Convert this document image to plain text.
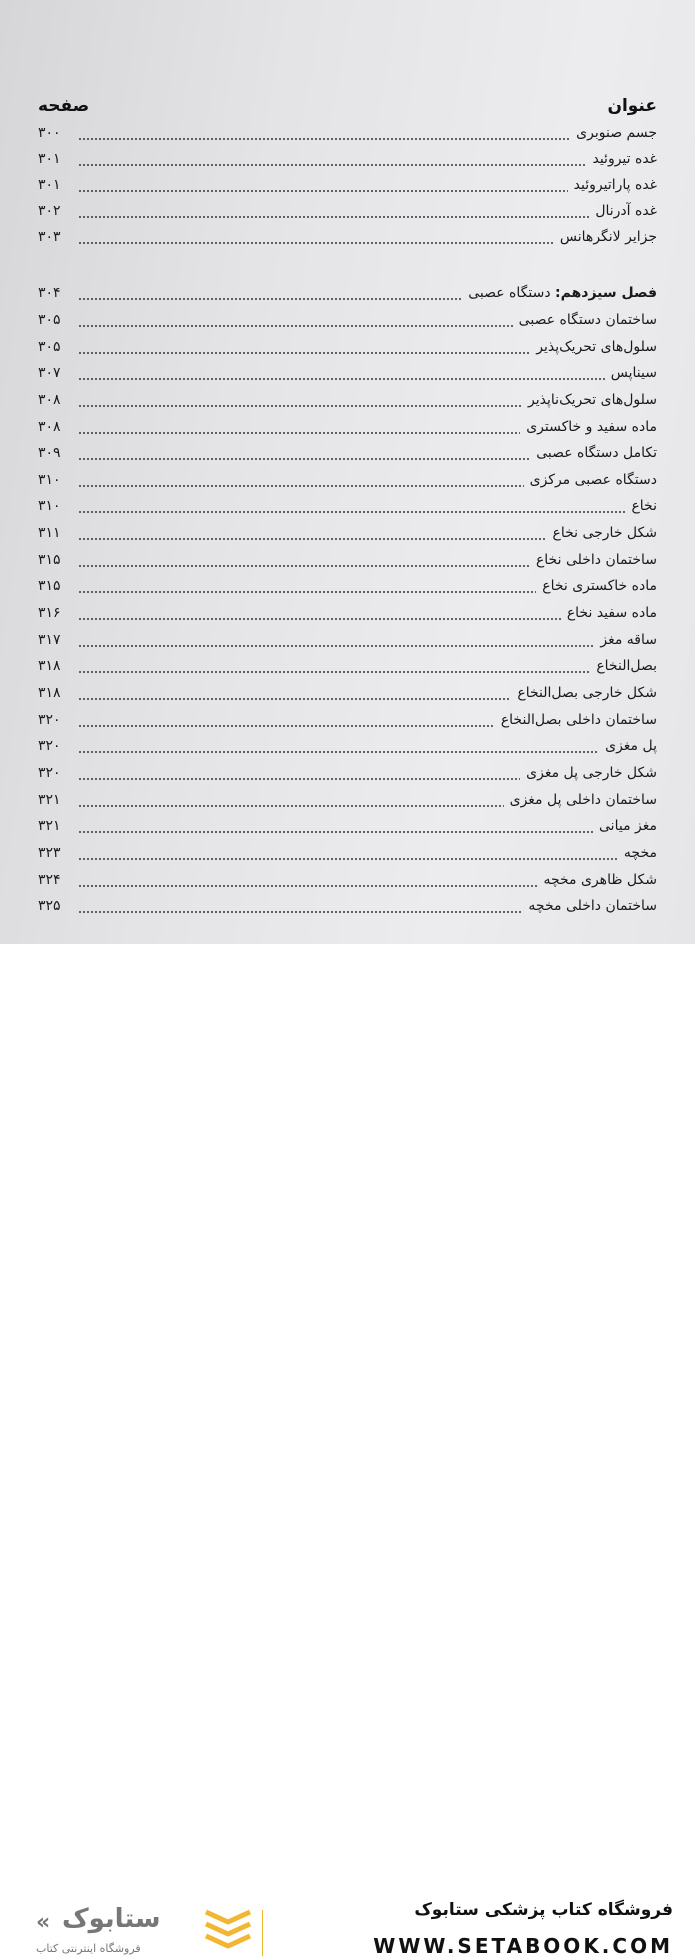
صفحه	عنوان
جسم صنوبری
۳۰۰
غده تیروئید
۳۰۱
غده پاراتیروئید
۳۰۱
غده آدرنال
۳۰۲
جزایر لانگرهانس
۳۰۳
فصل سیزدهم: دستگاه عصبی
۳۰۴
ساختمان دستگاه عصبی
۳۰۵
سلول‌های تحریک‌پذیر
۳۰۵
سیناپس
۳۰۷
سلول‌های تحریک‌ناپذیر
۳۰۸
ماده سفید و خاکستری
۳۰۸
تکامل دستگاه عصبی
۳۰۹
دستگاه عصبی مرکزی
۳۱۰
نخاع
۳۱۰
شکل خارجی نخاع
۳۱۱
ساختمان داخلی نخاع
۳۱۵
ماده خاکستری نخاع
۳۱۵
ماده سفید نخاع
۳۱۶
ساقه مغز
۳۱۷
بصل‌النخاع
۳۱۸
شکل خارجی بصل‌النخاع
۳۱۸
ساختمان داخلی بصل‌النخاع
۳۲۰
پل مغزی
۳۲۰
شکل خارجی پل مغزی
۳۲۰
ساختمان داخلی پل مغزی
۳۲۱
مغز میانی
۳۲۱
مخچه
۳۲۳
شکل ظاهری مخچه
۳۲۴
ساختمان داخلی مخچه
۳۲۵
« ستابوک
فروشگاه اینترنتی کتاب
فروشگاه کتاب پزشکی ستابوک
WWW.SETABOOK.COM
